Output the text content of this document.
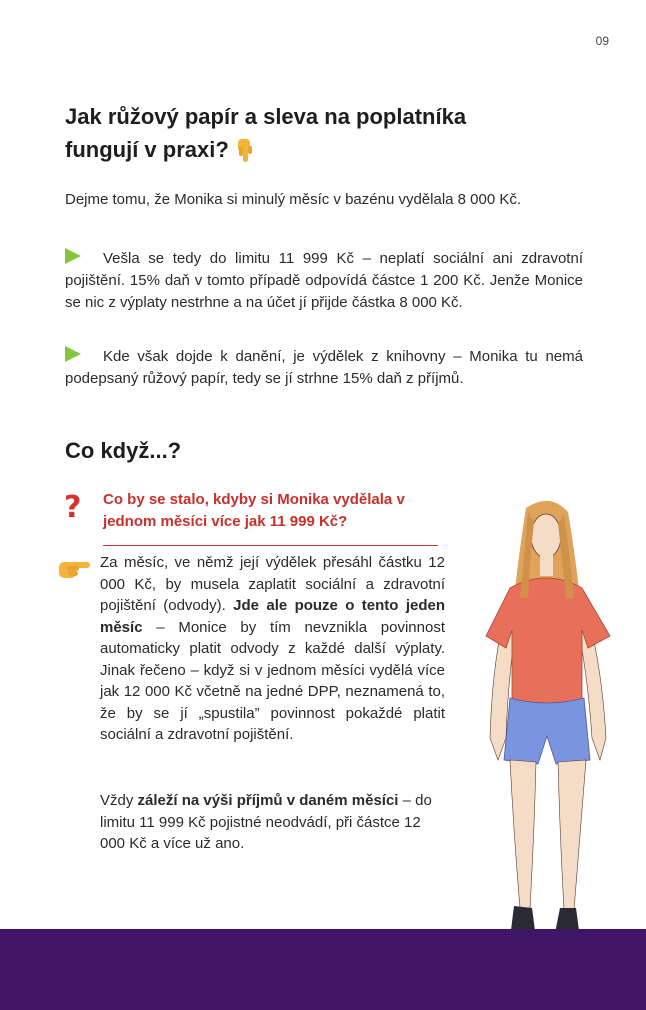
09
Jak růžový papír a sleva na poplatníka fungují v praxi?

Dejme tomu, že Monika si minulý měsíc v bazénu vydělala 8 000 Kč.

Vešla se tedy do limitu 11 999 Kč – neplatí sociální ani zdravotní pojištění. 15% daň v tomto případě odpovídá částce 1 200 Kč. Jenže Monice se nic z výplaty nestrhne a na účet jí přijde částka 8 000 Kč.

Kde však dojde k danění, je výdělek z knihovny – Monika tu nemá podepsaný růžový papír, tedy se jí strhne 15% daň z příjmů.

Co když...?
? Co by se stalo, kdyby si Monika vydělala v jednom měsíci více jak 11 999 Kč?

Za měsíc, ve němž její výdělek přesáhl částku 12 000 Kč, by musela zaplatit sociální a zdravotní pojištění (odvody). Jde ale pouze o tento jeden měsíc – Monice by tím nevznikla povinnost automaticky platit odvody z každé další výplaty. Jinak řečeno – když si v jednom měsíci vydělá více jak 12 000 Kč včetně na jedné DPP, neznamená to, že by se jí „spustila” povinnost pokaždé platit sociální a zdravotní pojištění.

Vždy záleží na výši příjmů v daném měsíci – do limitu 11 999 Kč pojistné neodvádí, při částce 12 000 Kč a více už ano.
